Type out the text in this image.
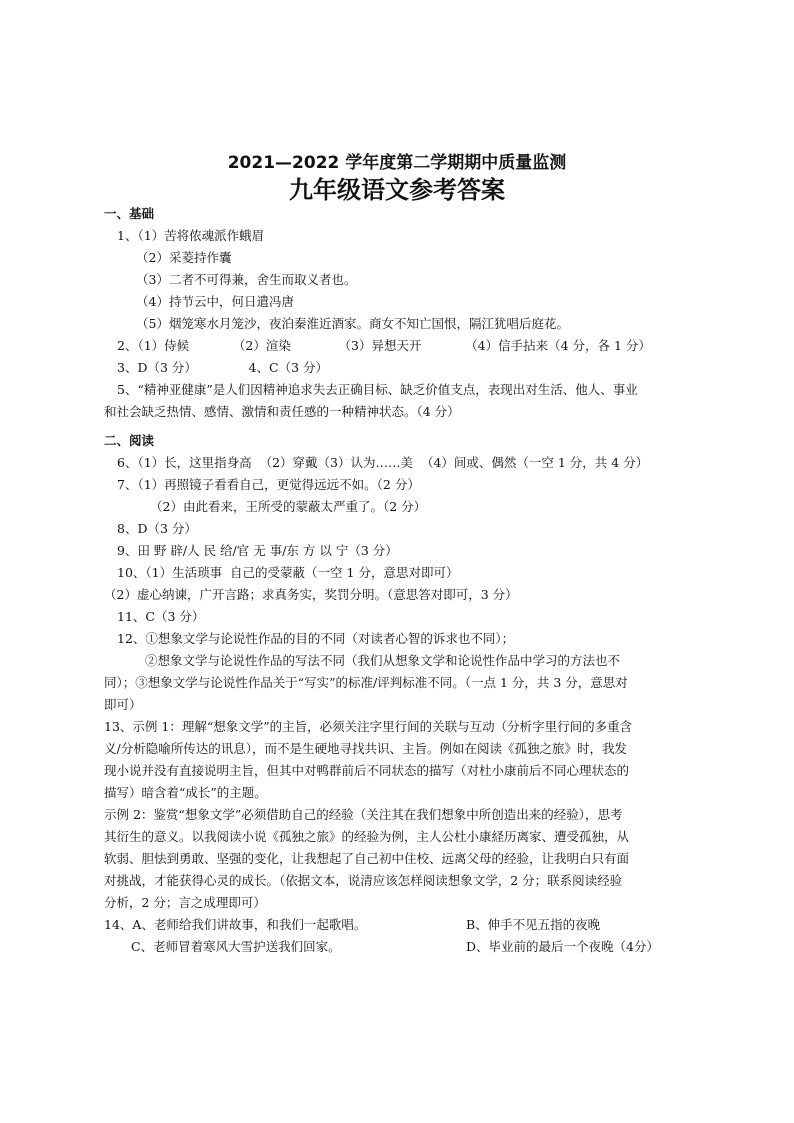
2021—2022 学年度第二学期期中质量监测
九年级语文参考答案
一、基础
1、（1）苦将侬魂派作蛾眉
（2）采菱持作囊
（3）二者不可得兼，舍生而取义者也。
（4）持节云中，何日遣冯唐
（5）烟笼寒水月笼沙，夜泊秦淮近酒家。商女不知亡国恨，隔江犹唱后庭花。
2、（1）侍候           （2）渲染            （3）异想天开           （4）信手拈来（4 分，各 1 分）
3、D（3 分）             4、C（3 分）
5、“精神亚健康”是人们因精神追求失去正确目标、缺乏价值支点，表现出对生活、他人、事业
和社会缺乏热情、感情、激情和责任感的一种精神状态。（4 分）
二、阅读
6、（1）长，这里指身高  （2）穿戴（3）认为……美  （4）间或、偶然（一空 1 分，共 4 分）
7、（1）再照镜子看看自己，更觉得远远不如。（2 分）
（2）由此看来，王所受的蒙蔽太严重了。（2 分）
8、D（3 分）
9、田 野 辟/人 民 给/官 无 事/东 方 以 宁（3 分）
10、（1）生活琐事  自己的受蒙蔽（一空 1 分，意思对即可）
（2）虚心纳谏，广开言路；求真务实，奖罚分明。（意思答对即可，3 分）
11、C（3 分）
12、①想象文学与论说性作品的目的不同（对读者心智的诉求也不同）；
②想象文学与论说性作品的写法不同（我们从想象文学和论说性作品中学习的方法也不
同）；③想象文学与论说性作品关于“写实”的标准/评判标准不同。（一点 1 分，共 3 分，意思对
即可）
13、示例 1：理解“想象文学”的主旨，必须关注字里行间的关联与互动（分析字里行间的多重含
义/分析隐喻所传达的讯息），而不是生硬地寻找共识、主旨。例如在阅读《孤独之旅》时，我发
现小说并没有直接说明主旨，但其中对鸭群前后不同状态的描写（对杜小康前后不同心理状态的
描写）暗含着“成长”的主题。
示例 2：鉴赏“想象文学”必须借助自己的经验（关注其在我们想象中所创造出来的经验），思考
其衍生的意义。以我阅读小说《孤独之旅》的经验为例，主人公杜小康経历离家、遭受孤独，从
软弱、胆怯到勇敢、坚强的变化，让我想起了自己初中住校、远离父母的经验，让我明白只有面
对挑战，才能获得心灵的成长。（依据文本，说清应该怎样阅读想象文学，2 分；联系阅读经验
分析，2 分；言之成理即可）
14、A、老师给我们讲故事，和我们一起歌唱。	B、伸手不见五指的夜晚
C、老师冒着寒风大雪护送我们回家。	D、毕业前的最后一个夜晚（4分）
